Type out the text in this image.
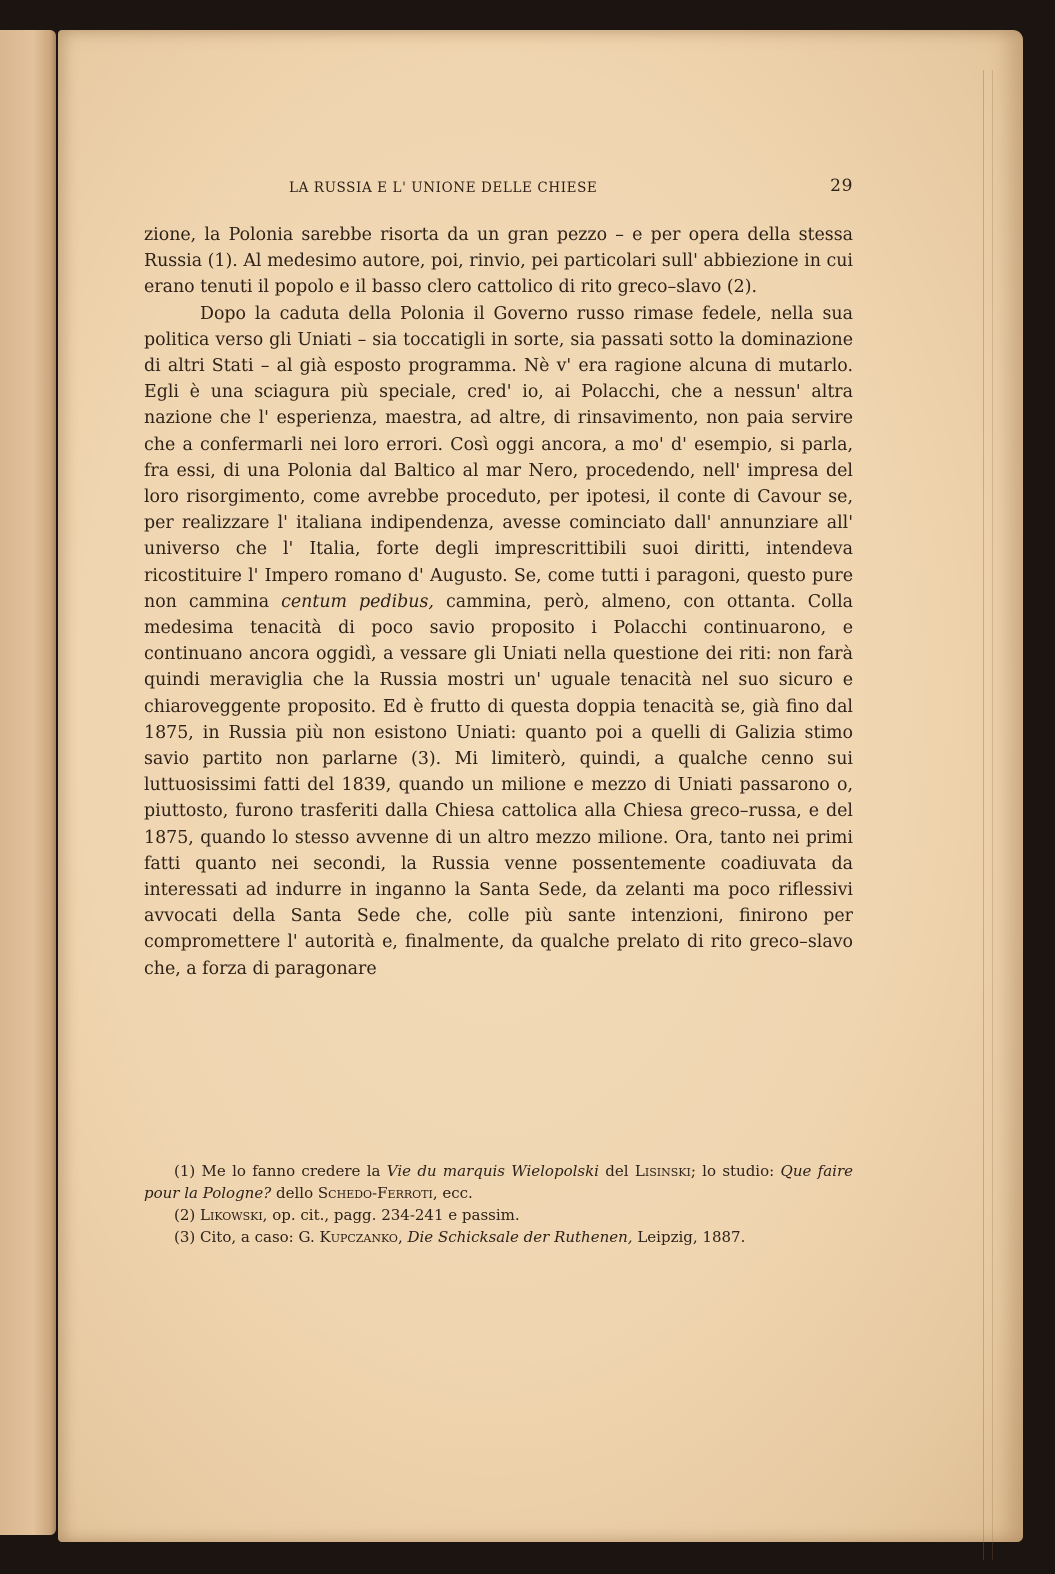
LA RUSSIA E L' UNIONE DELLE CHIESE	29

zione, la Polonia sarebbe risorta da un gran pezzo – e per opera della stessa Russia (1). Al medesimo autore, poi, rinvio, pei particolari sull' abbiezione in cui erano tenuti il popolo e il basso clero cattolico di rito greco–slavo (2).

Dopo la caduta della Polonia il Governo russo rimase fedele, nella sua politica verso gli Uniati – sia toccatigli in sorte, sia passati sotto la dominazione di altri Stati – al già esposto programma. Nè v' era ragione alcuna di mutarlo. Egli è una sciagura più speciale, cred' io, ai Polacchi, che a nessun' altra nazione che l' esperienza, maestra, ad altre, di rinsavimento, non paia servire che a confermarli nei loro errori. Così oggi ancora, a mo' d' esempio, si parla, fra essi, di una Polonia dal Baltico al mar Nero, procedendo, nell' impresa del loro risorgimento, come avrebbe proceduto, per ipotesi, il conte di Cavour se, per realizzare l' italiana indipendenza, avesse cominciato dall' annunziare all' universo che l' Italia, forte degli imprescrittibili suoi diritti, intendeva ricostituire l' Impero romano d' Augusto. Se, come tutti i paragoni, questo pure non cammina centum pedibus, cammina, però, almeno, con ottanta. Colla medesima tenacità di poco savio proposito i Polacchi continuarono, e continuano ancora oggidì, a vessare gli Uniati nella questione dei riti: non farà quindi meraviglia che la Russia mostri un' uguale tenacità nel suo sicuro e chiaroveggente proposito. Ed è frutto di questa doppia tenacità se, già fino dal 1875, in Russia più non esistono Uniati: quanto poi a quelli di Galizia stimo savio partito non parlarne (3). Mi limiterò, quindi, a qualche cenno sui luttuosissimi fatti del 1839, quando un milione e mezzo di Uniati passarono o, piuttosto, furono trasferiti dalla Chiesa cattolica alla Chiesa greco–russa, e del 1875, quando lo stesso avvenne di un altro mezzo milione. Ora, tanto nei primi fatti quanto nei secondi, la Russia venne possentemente coadiuvata da interessati ad indurre in inganno la Santa Sede, da zelanti ma poco riflessivi avvocati della Santa Sede che, colle più sante intenzioni, finirono per compromettere l' autorità e, finalmente, da qualche prelato di rito greco–slavo che, a forza di paragonare

(1) Me lo fanno credere la Vie du marquis Wielopolski del Lisinski; lo studio: Que faire pour la Pologne? dello Schedo-Ferroti, ecc.

(2) Likowski, op. cit., pagg. 234-241 e passim.

(3) Cito, a caso: G. Kupczanko, Die Schicksale der Ruthenen, Leipzig, 1887.
